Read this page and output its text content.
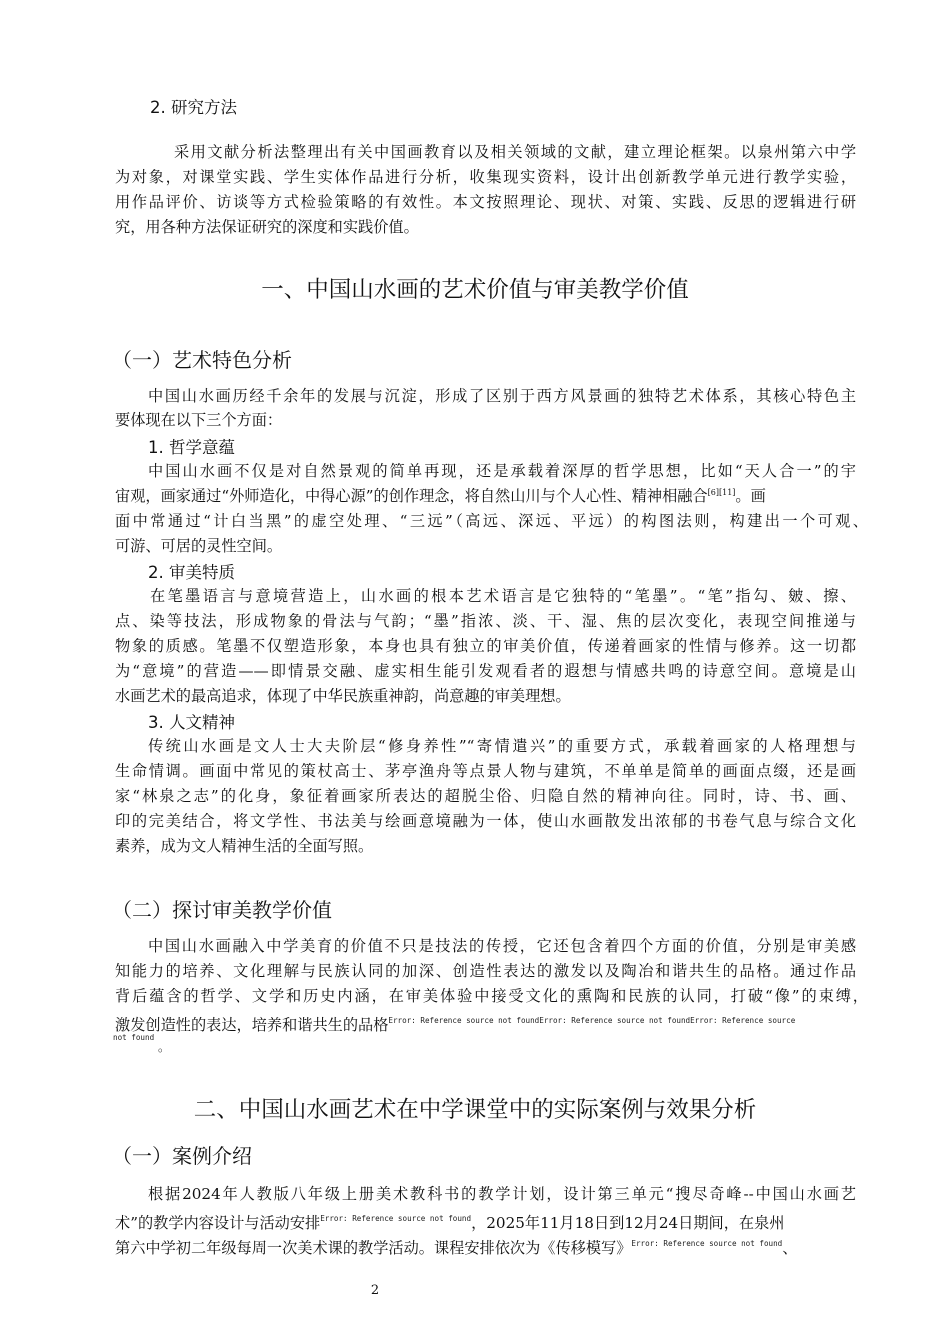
2. 研究方法
采用文献分析法整理出有关中国画教育以及相关领域的文献，建立理论框架。以泉州第六中学
为对象，对课堂实践、学生实体作品进行分析，收集现实资料，设计出创新教学单元进行教学实验，
用作品评价、访谈等方式检验策略的有效性。本文按照理论、现状、对策、实践、反思的逻辑进行研
究，用各种方法保证研究的深度和实践价值。
一、中国山水画的艺术价值与审美教学价值
（一）艺术特色分析
中国山水画历经千余年的发展与沉淀，形成了区别于西方风景画的独特艺术体系，其核心特色主
要体现在以下三个方面：
1. 哲学意蕴
中国山水画不仅是对自然景观的简单再现，还是承载着深厚的哲学思想，比如“天人合一”的宇
宙观，画家通过“外师造化，中得心源”的创作理念，将自然山川与个人心性、精神相融合[6][11]。画
面中常通过“计白当黑”的虚空处理、“三远”（高远、深远、平远）的构图法则，构建出一个可观、
可游、可居的灵性空间。
2. 审美特质
在笔墨语言与意境营造上，山水画的根本艺术语言是它独特的“笔墨”。“笔”指勾、皴、擦、
点、染等技法，形成物象的骨法与气韵；“墨”指浓、淡、干、湿、焦的层次变化，表现空间推递与
物象的质感。笔墨不仅塑造形象，本身也具有独立的审美价值，传递着画家的性情与修养。这一切都
为“意境”的营造——即情景交融、虚实相生能引发观看者的遐想与情感共鸣的诗意空间。意境是山
水画艺术的最高追求，体现了中华民族重神韵，尚意趣的审美理想。
3. 人文精神
传统山水画是文人士大夫阶层“修身养性”“寄情遣兴”的重要方式，承载着画家的人格理想与
生命情调。画面中常见的策杖高士、茅亭渔舟等点景人物与建筑，不单单是简单的画面点缀，还是画
家“林泉之志”的化身，象征着画家所表达的超脱尘俗、归隐自然的精神向往。同时，诗、书、画、
印的完美结合，将文学性、书法美与绘画意境融为一体，使山水画散发出浓郁的书卷气息与综合文化
素养，成为文人精神生活的全面写照。
（二）探讨审美教学价值
中国山水画融入中学美育的价值不只是技法的传授，它还包含着四个方面的价值，分别是审美感
知能力的培养、文化理解与民族认同的加深、创造性表达的激发以及陶冶和谐共生的品格。通过作品
背后蕴含的哲学、文学和历史内涵，在审美体验中接受文化的熏陶和民族的认同，打破“像”的束缚，
激发创造性的表达，培养和谐共生的品格$^{Error: Reference source not foundError: Reference source not foundError: Reference source}$
not found
。
二、中国山水画艺术在中学课堂中的实际案例与效果分析
（一）案例介绍
根据2024年人教版八年级上册美术教科书的教学计划，设计第三单元“搜尽奇峰--中国山水画艺
术”的教学内容设计与活动安排$^{Error: Reference source not found}$，2025年11月18日到12月24日期间，在泉州
第六中学初二年级每周一次美术课的教学活动。课程安排依次为《传移模写》$^{Error: Reference source not found}$、
2
